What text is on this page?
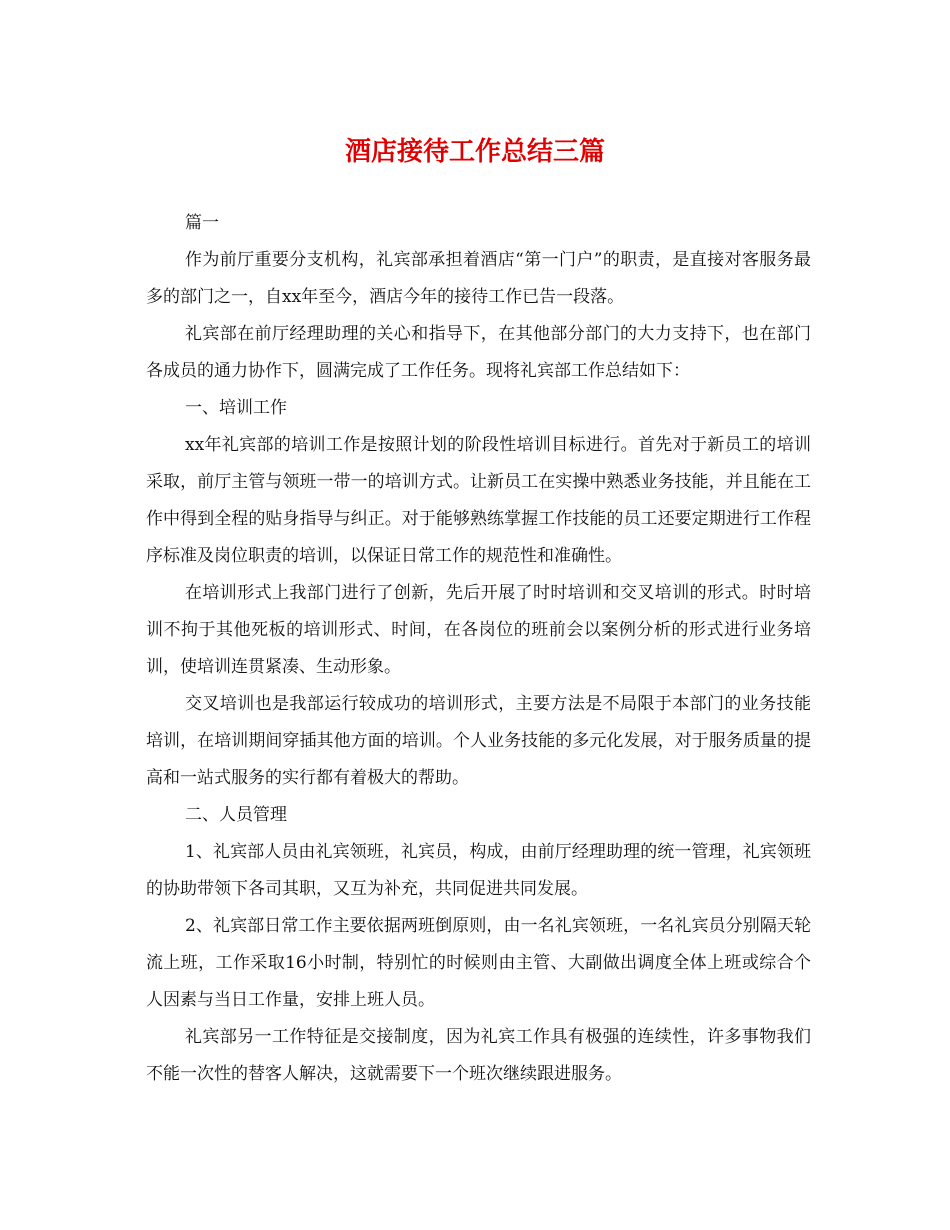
酒店接待工作总结三篇

篇一

作为前厅重要分支机构，礼宾部承担着酒店“第一门户”的职责，是直接对客服务最多的部门之一，自xx年至今，酒店今年的接待工作已告一段落。

礼宾部在前厅经理助理的关心和指导下，在其他部分部门的大力支持下，也在部门各成员的通力协作下，圆满完成了工作任务。现将礼宾部工作总结如下：

一、培训工作

xx年礼宾部的培训工作是按照计划的阶段性培训目标进行。首先对于新员工的培训采取，前厅主管与领班一带一的培训方式。让新员工在实操中熟悉业务技能，并且能在工作中得到全程的贴身指导与纠正。对于能够熟练掌握工作技能的员工还要定期进行工作程序标准及岗位职责的培训，以保证日常工作的规范性和准确性。

在培训形式上我部门进行了创新，先后开展了时时培训和交叉培训的形式。时时培训不拘于其他死板的培训形式、时间，在各岗位的班前会以案例分析的形式进行业务培训，使培训连贯紧凑、生动形象。

交叉培训也是我部运行较成功的培训形式，主要方法是不局限于本部门的业务技能培训，在培训期间穿插其他方面的培训。个人业务技能的多元化发展，对于服务质量的提高和一站式服务的实行都有着极大的帮助。

二、人员管理

1、礼宾部人员由礼宾领班，礼宾员，构成，由前厅经理助理的统一管理，礼宾领班的协助带领下各司其职，又互为补充，共同促进共同发展。

2、礼宾部日常工作主要依据两班倒原则，由一名礼宾领班，一名礼宾员分别隔天轮流上班，工作采取16小时制，特别忙的时候则由主管、大副做出调度全体上班或综合个人因素与当日工作量，安排上班人员。

礼宾部另一工作特征是交接制度，因为礼宾工作具有极强的连续性，许多事物我们不能一次性的替客人解决，这就需要下一个班次继续跟进服务。
